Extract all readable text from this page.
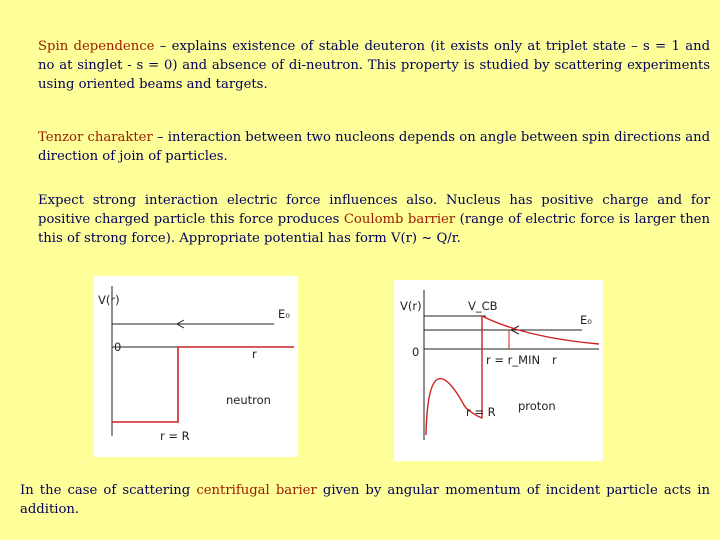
Spin dependence – explains existence of stable deuteron (it exists only at triplet state – s = 1 and no at singlet - s = 0) and absence of di-neutron. This property is studied by scattering experiments using oriented beams and targets.

Tenzor charakter – interaction between two nucleons depends on angle between spin directions and direction of join of particles.

Expect strong interaction electric force influences also. Nucleus has positive charge and for positive charged particle this force produces Coulomb barrier (range of electric force is larger then this of strong force). Appropriate potential has form V(r) ~ Q/r.

V(r)
E₀
0	r
neutron
r = R
V(r)	V_CB
E₀
0
r
r = r_MIN
proton
r = R

In the case of scattering centrifugal barier given by angular momentum of incident particle acts in addition.
